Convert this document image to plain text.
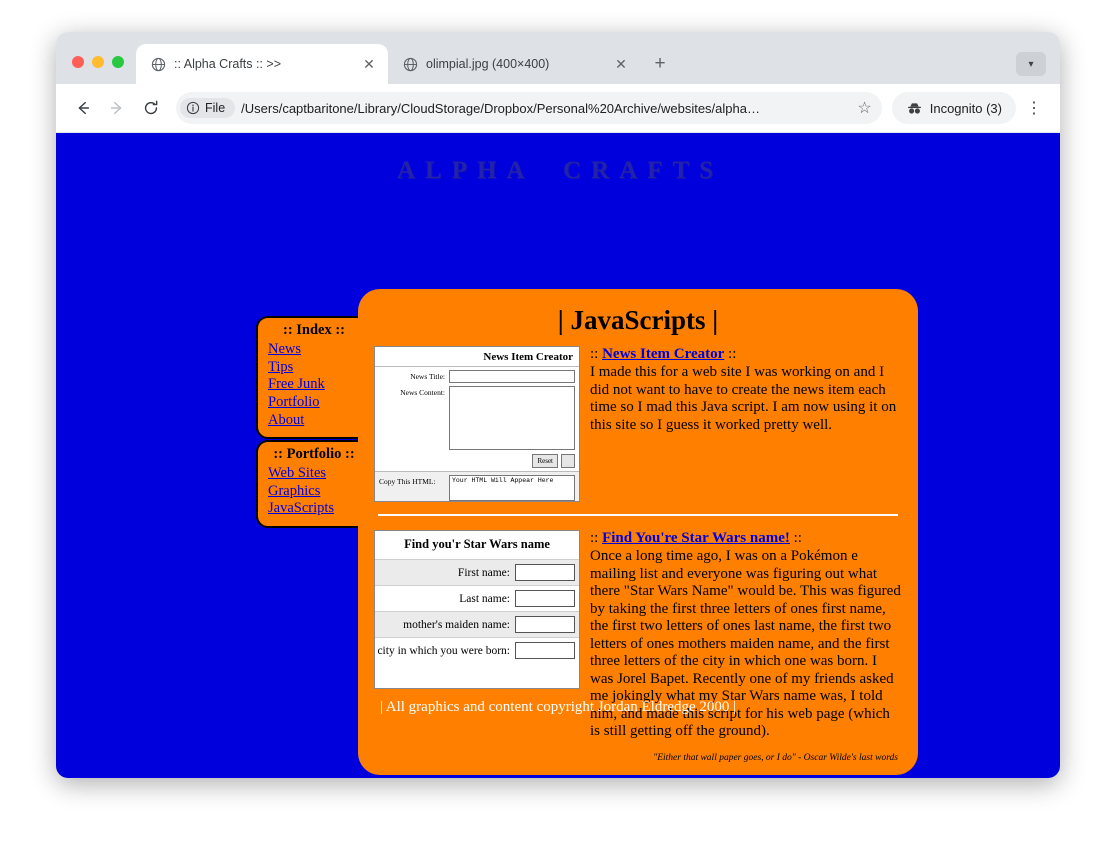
:: Alpha Crafts :: >>	✕	olimpial.jpg (400×400)	✕	+	▾
File /Users/captbaritone/Library/CloudStorage/Dropbox/Personal%20Archive/websites/alpha…	☆	Incognito (3)	⋮
A L P H A C R A F T S
:: Index ::
News
Tips
Free Junk
Portfolio
About
:: Portfolio ::
Web Sites
Graphics
JavaScripts
| JavaScripts |
News Item Creator
News Title:
News Content:
Reset
Copy This HTML:	Your HTML Will Appear Here
:: News Item Creator ::
I made this for a web site I was working on and I did not want to have to create the news item each time so I mad this Java script. I am now using it on this site so I guess it worked pretty well.
Find you'r Star Wars name
First name:
Last name:
mother's maiden name:
city in which you were born:
:: Find You're Star Wars name! ::
Once a long time ago, I was on a Pokémon e mailing list and everyone was figuring out what there "Star Wars Name" would be. This was figured by taking the first three letters of ones first name, the first two letters of ones last name, the first two letters of ones mothers maiden name, and the first three letters of the city in which one was born. I was Jorel Bapet. Recently one of my friends asked me jokingly what my Star Wars name was, I told him, and made this script for his web page (which is still getting off the ground).
"Either that wall paper goes, or I do" - Oscar Wilde's last words
| All graphics and content copyright Jordan Eldredge 2000 |
